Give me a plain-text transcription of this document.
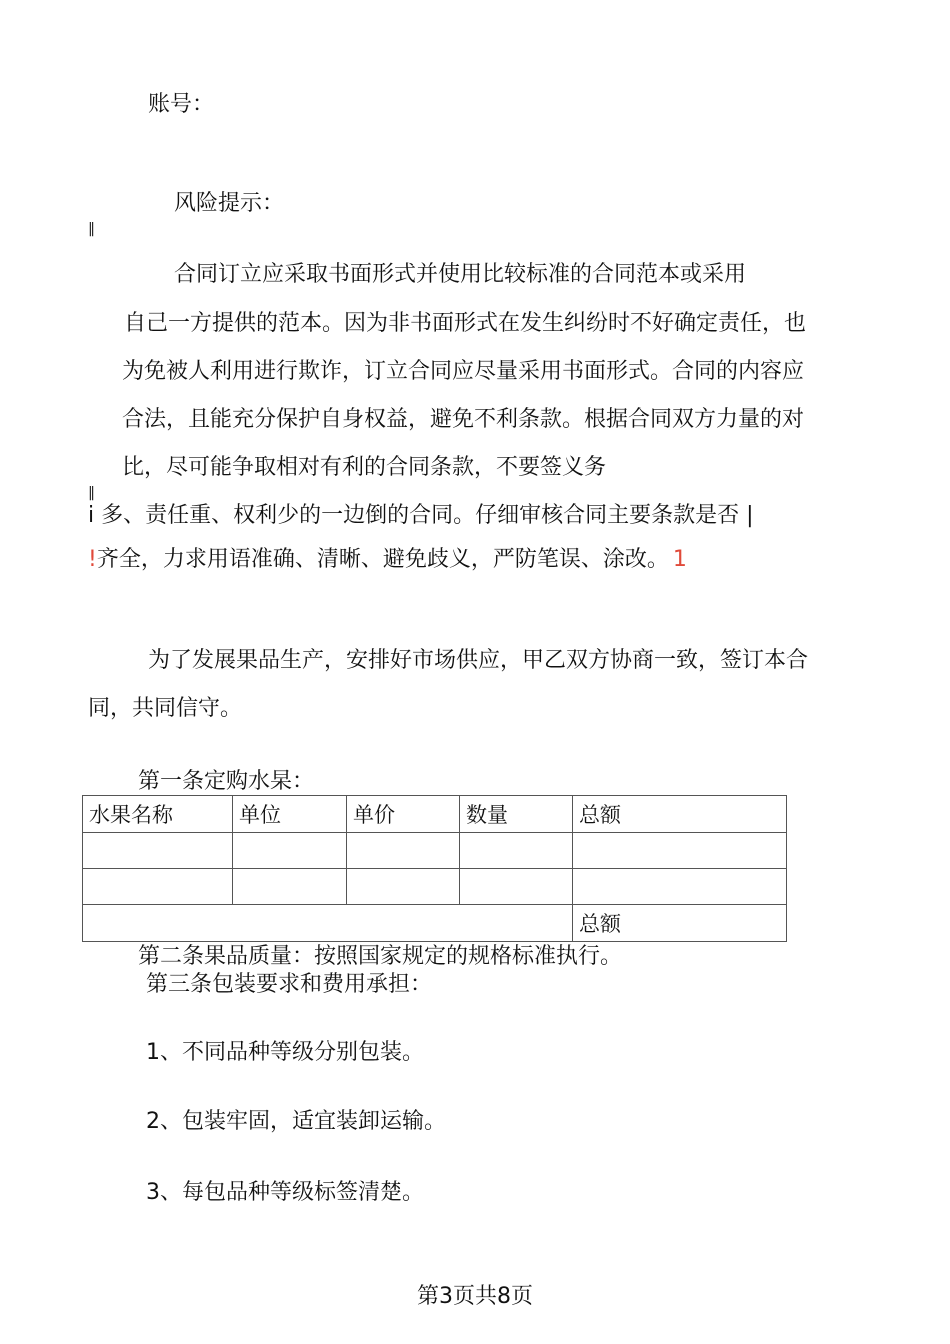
账号：
风险提示：
‖
合同订立应采取书面形式并使用比较标准的合同范本或采用
自己一方提供的范本。因为非书面形式在发生纠纷时不好确定责任，也
为免被人利用进行欺诈，订立合同应尽量采用书面形式。合同的内容应
合法，且能充分保护自身权益，避免不利条款。根据合同双方力量的对
比，尽可能争取相对有利的合同条款，不要签义务
‖
i 多、责任重、权利少的一边倒的合同。仔细审核合同主要条款是否 |
!齐全，力求用语准确、清晰、避免歧义，严防笔误、涂改。 1
为了发展果品生产，安排好市场供应，甲乙双方协商一致，签订本合
同，共同信守。
第一条定购水杲：
水果名称	单位	单价	数量	总额

				总额
第二条果品质量：按照国家规定的规格标准执行。
第三条包装要求和费用承担：
1、不同品种等级分别包装。
2、包装牢固，适宜装卸运输。
3、每包品种等级标签清楚。
第3页共8页
